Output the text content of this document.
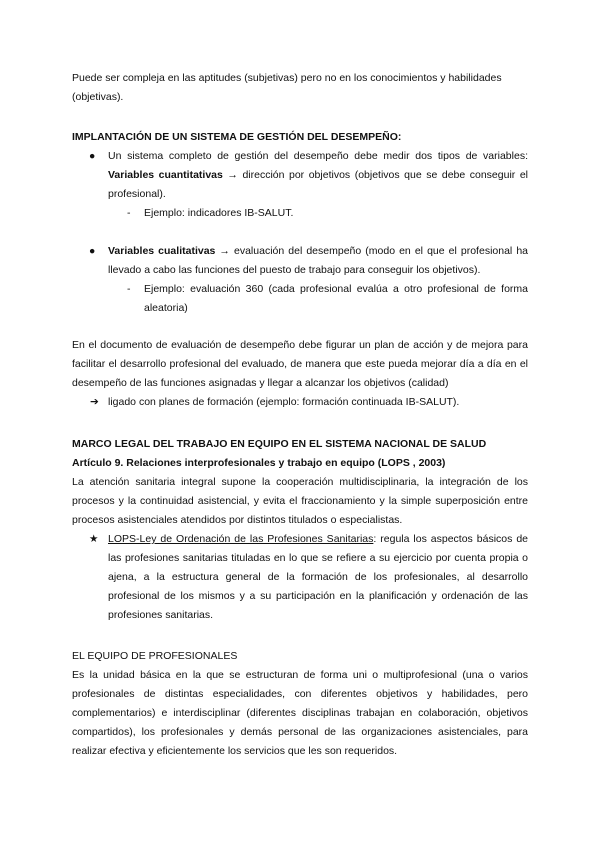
Puede ser compleja en las aptitudes (subjetivas) pero no en los conocimientos y habilidades (objetivas).

IMPLANTACIÓN DE UN SISTEMA DE GESTIÓN DEL DESEMPEÑO:

●	Un sistema completo de gestión del desempeño debe medir dos tipos de variables: Variables cuantitativas → dirección por objetivos (objetivos que se debe conseguir el profesional).
-	Ejemplo: indicadores IB-SALUT.
●	Variables cualitativas → evaluación del desempeño (modo en el que el profesional ha llevado a cabo las funciones del puesto de trabajo para conseguir los objetivos).
-	Ejemplo: evaluación 360 (cada profesional evalúa a otro profesional de forma aleatoria)

En el documento de evaluación de desempeño debe figurar un plan de acción y de mejora para facilitar el desarrollo profesional del evaluado, de manera que este pueda mejorar día a día en el desempeño de las funciones asignadas y llegar a alcanzar los objetivos (calidad)

➔ ligado con planes de formación (ejemplo: formación continuada IB-SALUT).

MARCO LEGAL DEL TRABAJO EN EQUIPO EN EL SISTEMA NACIONAL DE SALUD

Artículo 9. Relaciones interprofesionales y trabajo en equipo (LOPS , 2003)

La atención sanitaria integral supone la cooperación multidisciplinaria, la integración de los procesos y la continuidad asistencial, y evita el fraccionamiento y la simple superposición entre procesos asistenciales atendidos por distintos titulados o especialistas.

★ LOPS-Ley de Ordenación de las Profesiones Sanitarias: regula los aspectos básicos de las profesiones sanitarias tituladas en lo que se refiere a su ejercicio por cuenta propia o ajena, a la estructura general de la formación de los profesionales, al desarrollo profesional de los mismos y a su participación en la planificación y ordenación de las profesiones sanitarias.

EL EQUIPO DE PROFESIONALES

Es la unidad básica en la que se estructuran de forma uni o multiprofesional (una o varios profesionales de distintas especialidades, con diferentes objetivos y habilidades, pero complementarios) e interdisciplinar (diferentes disciplinas trabajan en colaboración, objetivos compartidos), los profesionales y demás personal de las organizaciones asistenciales, para realizar efectiva y eficientemente los servicios que les son requeridos.
